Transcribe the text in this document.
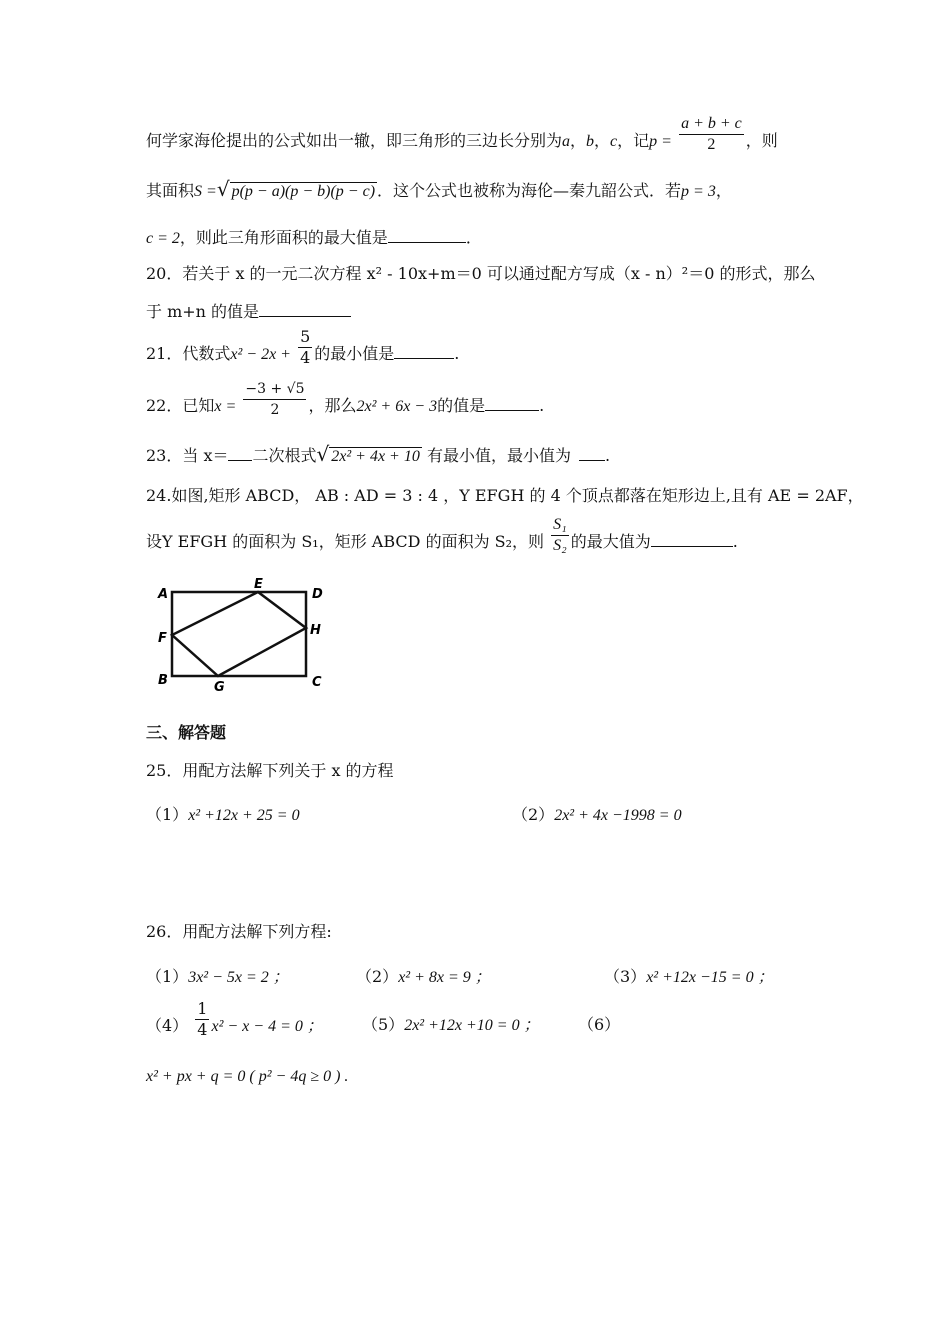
何学家海伦提出的公式如出一辙，即三角形的三边长分别为a，b，c，记$p = \frac{a + b + c}{2}$ ，则
其面积S =√ p(p − a)(p − b)(p − c) ．这个公式也被称为海伦—秦九韶公式．若p = 3，
c = 2，则此三角形面积的最大值是	．
20．若关于 x 的一元二次方程 x² ‑ 10x+m＝0 可以通过配方写成（x ‑ n）²＝0 的形式，那么
于 m+n 的值是
21．代数式$x^2 - 2x + \frac{5}{4}$ 的最小值是	.
22．已知$x = \frac{-3 + √5}{2}$ ，那么2x² + 6x − 3的值是	.
23．当 x＝ 二次根式√ 2x² + 4x + 10 有最小值，最小值为 .
24.如图,矩形 ABCD， AB : AD = 3 : 4 ，Y EFGH 的 4 个顶点都落在矩形边上,且有 AE = 2AF，
设Y EFGH 的面积为 S₁，矩形 ABCD 的面积为 S₂，则 $\frac{\text{S₁}}{\text{S₂}}$ 的最大值为	.
A
E
D
F
H
B	G	C
三、解答题
25．用配方法解下列关于 x 的方程
（1）x² +12x + 25 = 0	（2）2x² + 4x −1998 = 0
26．用配方法解下列方程:
（1）3x² − 5x = 2 ；	（2）x² + 8x = 9 ；	（3）x² +12x −15 = 0 ；
$(4) \frac{1}{4} x^2 - x - 4 = 0$ ； （5）2x² +12x +10 = 0 ； （6）
x² + px + q = 0 ( p² − 4q ≥ 0 ) .
